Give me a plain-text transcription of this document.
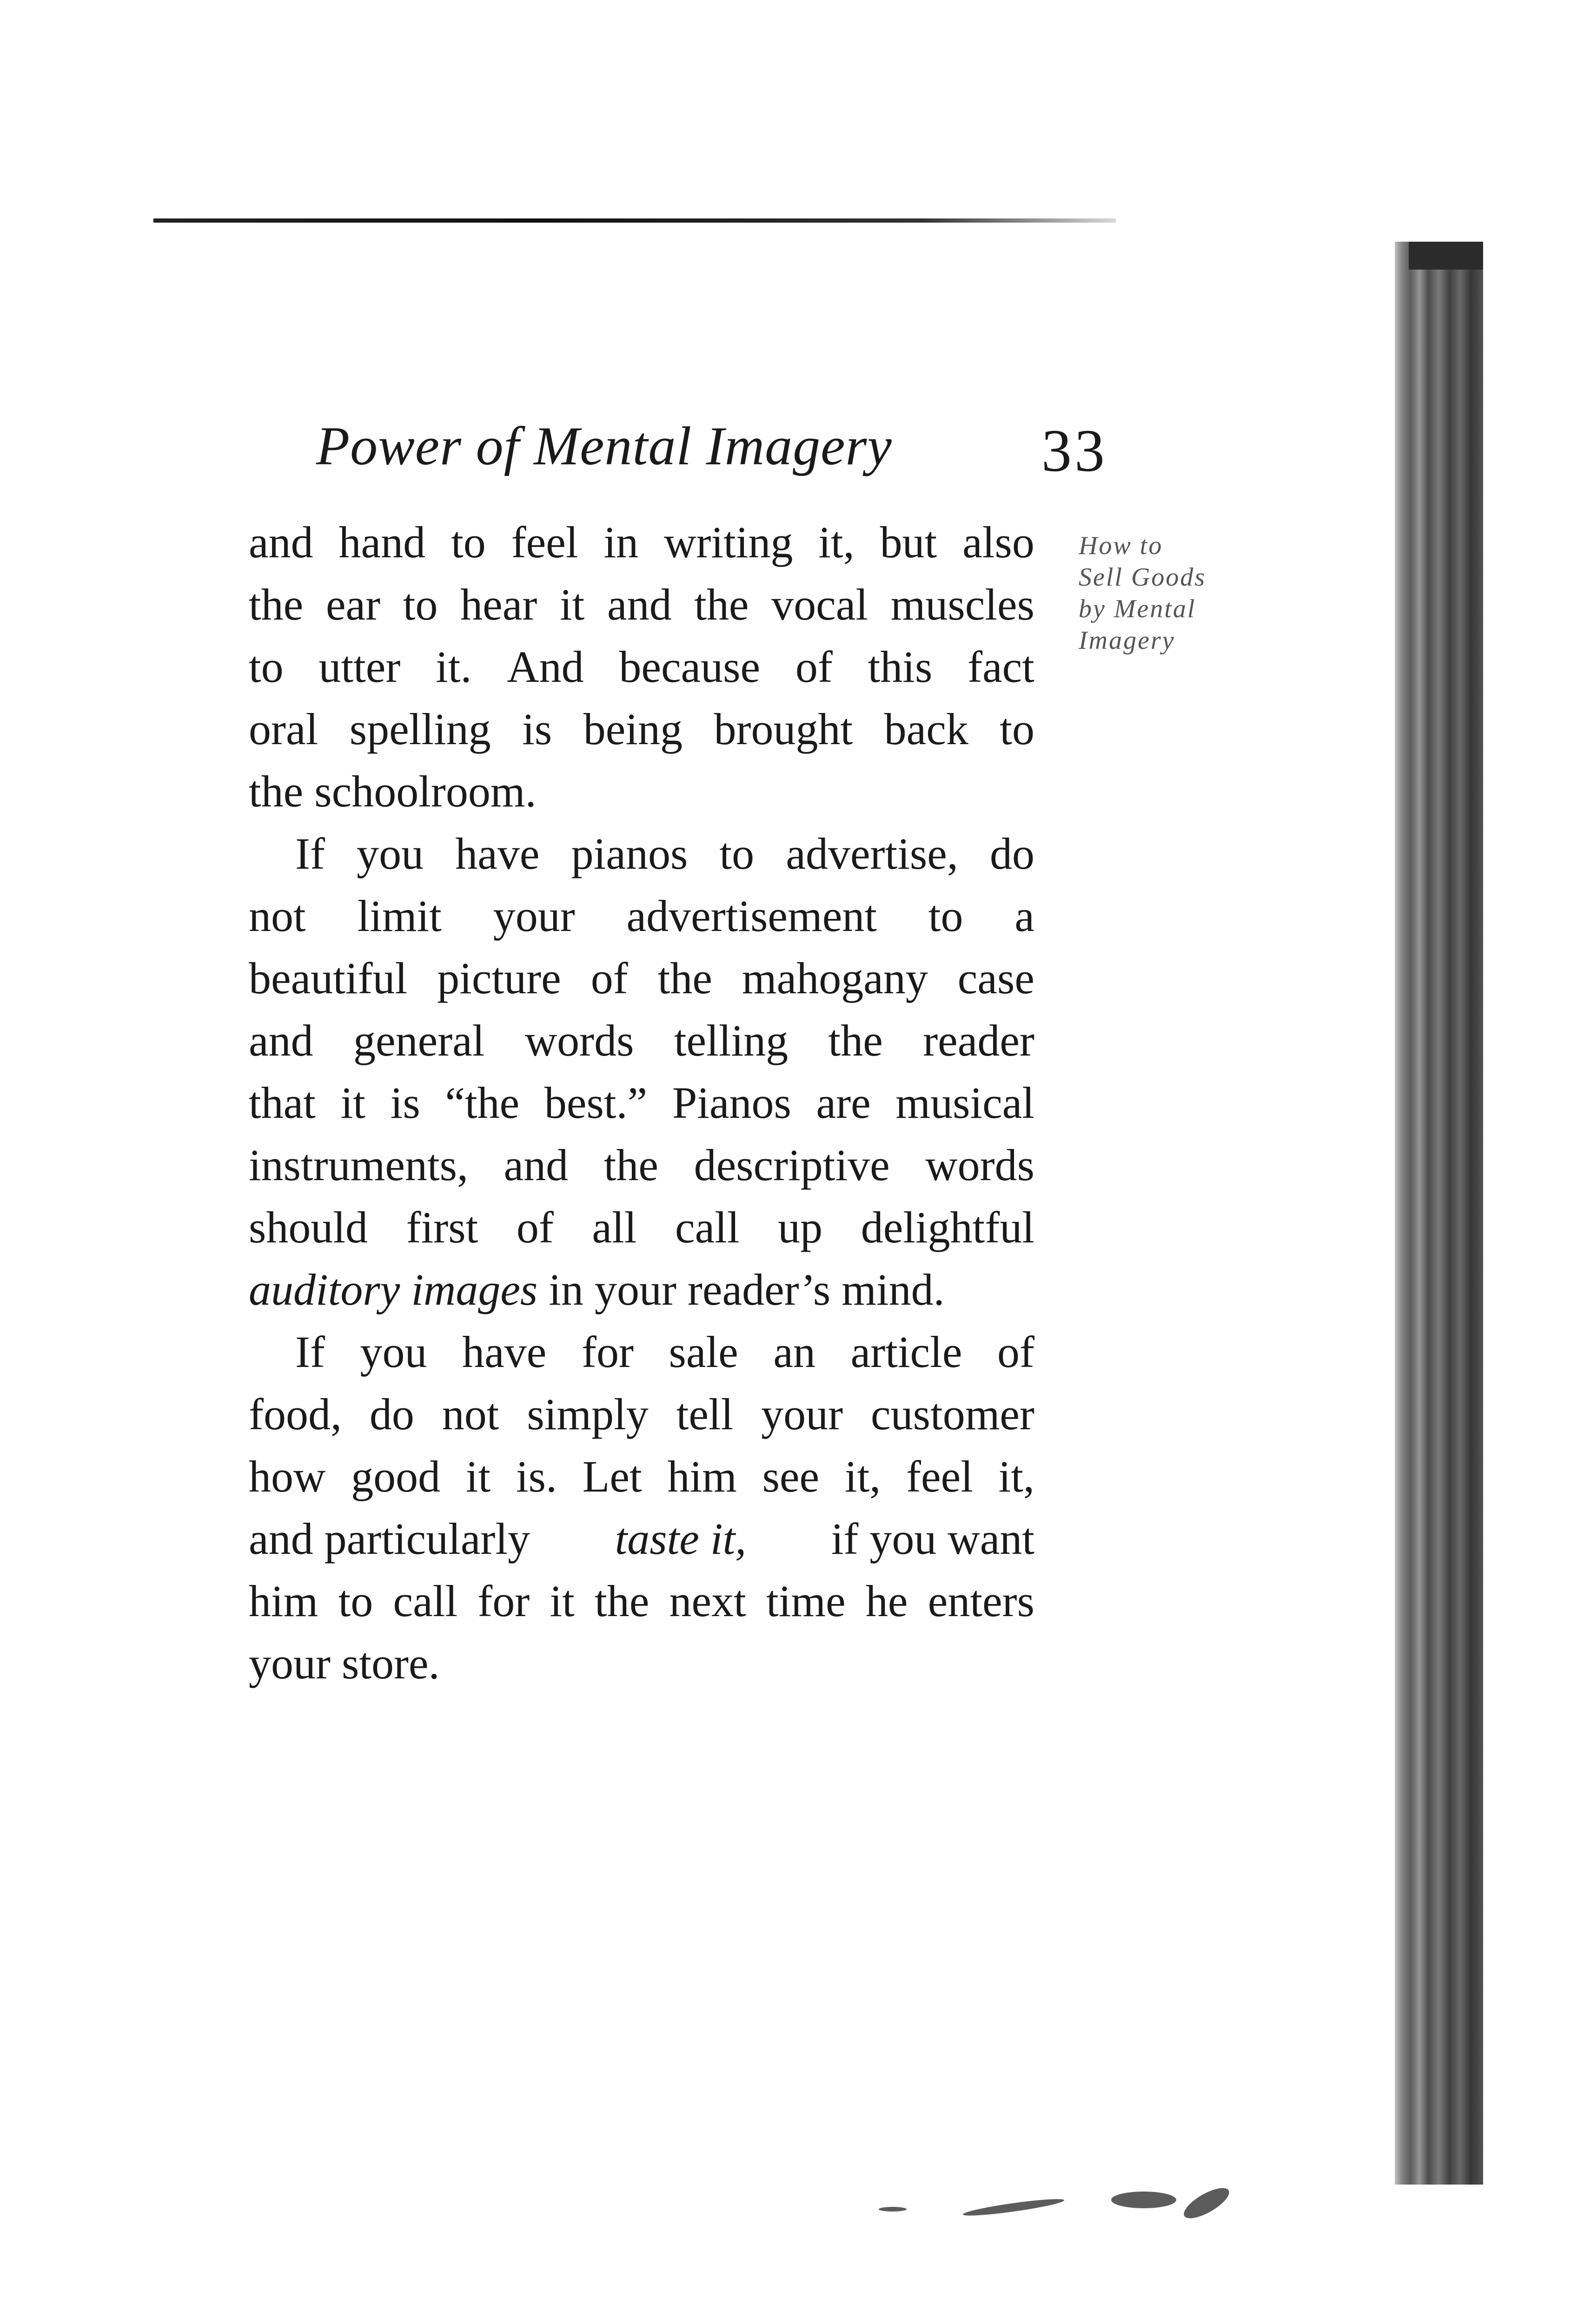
Power of Mental Imagery 33
How to
Sell Goods
by Mental
Imagery
and hand to feel in writing it, but also
the ear to hear it and the vocal muscles
to utter it. And because of this fact
oral spelling is being brought back to
the schoolroom.
If you have pianos to advertise, do
not limit your advertisement to a
beautiful picture of the mahogany case
and general words telling the reader
that it is “the best.” Pianos are musical
instruments, and the descriptive words
should first of all call up delightful
auditory images in your reader’s mind.
If you have for sale an article of
food, do not simply tell your customer
how good it is. Let him see it, feel it,
and particularly taste it, if you want
him to call for it the next time he enters
your store.
